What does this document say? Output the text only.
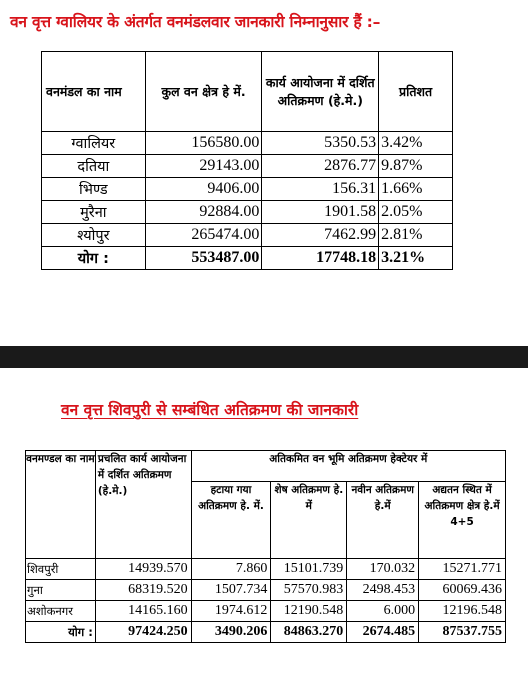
वन वृत्त ग्वालियर के अंतर्गत वनमंडलवार जानकारी निम्नानुसार हैं :–
वनमंडल का नाम	कुल वन क्षेत्र हे में.	कार्य आयोजना में दर्शित अतिक्रमण (हे.मे.)	प्रतिशत
ग्वालियर	156580.00	5350.53	3.42%
दतिया	29143.00	2876.77	9.87%
भिण्ड	9406.00	156.31	1.66%
मुरैना	92884.00	1901.58	2.05%
श्योपुर	265474.00	7462.99	2.81%
योग :	553487.00	17748.18	3.21%
वन वृत्त शिवपुरी से सम्बंधित अतिक्रमण की जानकारी
वनमण्डल का नाम	प्रचलित कार्य आयोजना में दर्शित अतिक्रमण (हे.मे.)	अतिकमित वन भूमि अतिक्रमण हेक्टेयर में			
		हटाया गया अतिक्रमण हे. में.	शेष अतिक्रमण हे. में	नवीन अतिक्रमण हे.में	अद्यतन स्थित में अतिक्रमण क्षेत्र हे.में 4+5
शिवपुरी	14939.570	7.860	15101.739	170.032	15271.771
गुना	68319.520	1507.734	57570.983	2498.453	60069.436
अशोकनगर	14165.160	1974.612	12190.548	6.000	12196.548
योग :	97424.250	3490.206	84863.270	2674.485	87537.755
